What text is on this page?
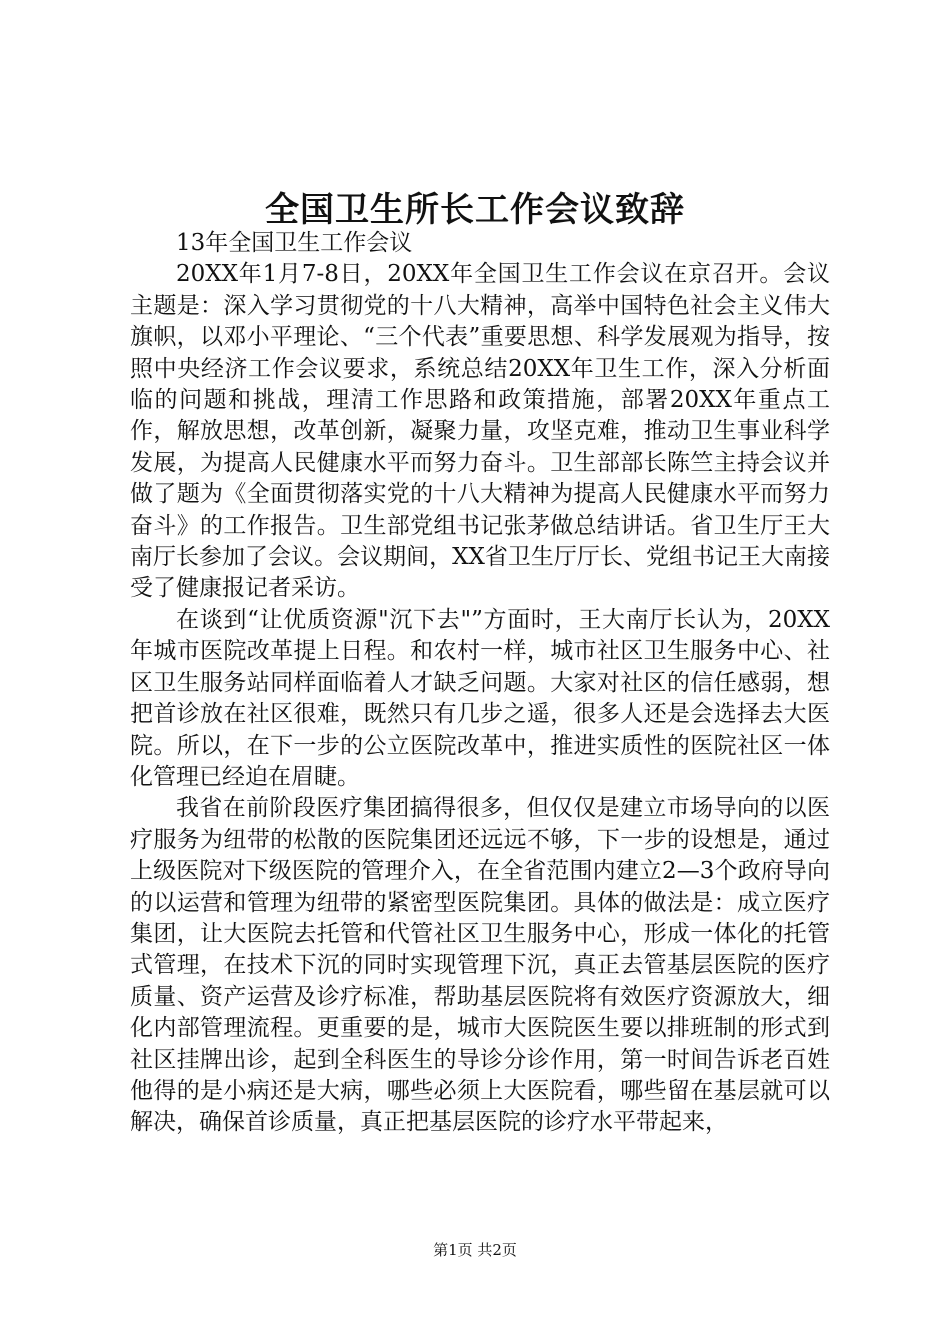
全国卫生所长工作会议致辞

13年全国卫生工作会议

20XX年1月7-8日，20XX年全国卫生工作会议在京召开。会议主题是：深入学习贯彻党的十八大精神，高举中国特色社会主义伟大旗帜，以邓小平理论、“三个代表”重要思想、科学发展观为指导，按照中央经济工作会议要求，系统总结20XX年卫生工作，深入分析面临的问题和挑战，理清工作思路和政策措施，部署20XX年重点工作，解放思想，改革创新，凝聚力量，攻坚克难，推动卫生事业科学发展，为提高人民健康水平而努力奋斗。卫生部部长陈竺主持会议并做了题为《全面贯彻落实党的十八大精神为提高人民健康水平而努力奋斗》的工作报告。卫生部党组书记张茅做总结讲话。省卫生厅王大南厅长参加了会议。会议期间，XX省卫生厅厅长、党组书记王大南接受了健康报记者采访。

在谈到“让优质资源"沉下去"”方面时，王大南厅长认为，20XX年城市医院改革提上日程。和农村一样，城市社区卫生服务中心、社区卫生服务站同样面临着人才缺乏问题。大家对社区的信任感弱，想把首诊放在社区很难，既然只有几步之遥，很多人还是会选择去大医院。所以，在下一步的公立医院改革中，推进实质性的医院社区一体化管理已经迫在眉睫。

我省在前阶段医疗集团搞得很多，但仅仅是建立市场导向的以医疗服务为纽带的松散的医院集团还远远不够，下一步的设想是，通过上级医院对下级医院的管理介入，在全省范围内建立2—3个政府导向的以运营和管理为纽带的紧密型医院集团。具体的做法是：成立医疗集团，让大医院去托管和代管社区卫生服务中心，形成一体化的托管式管理，在技术下沉的同时实现管理下沉，真正去管基层医院的医疗质量、资产运营及诊疗标准，帮助基层医院将有效医疗资源放大，细化内部管理流程。更重要的是，城市大医院医生要以排班制的形式到社区挂牌出诊，起到全科医生的导诊分诊作用，第一时间告诉老百姓他得的是小病还是大病，哪些必须上大医院看，哪些留在基层就可以解决，确保首诊质量，真正把基层医院的诊疗水平带起来，

第1页 共2页
